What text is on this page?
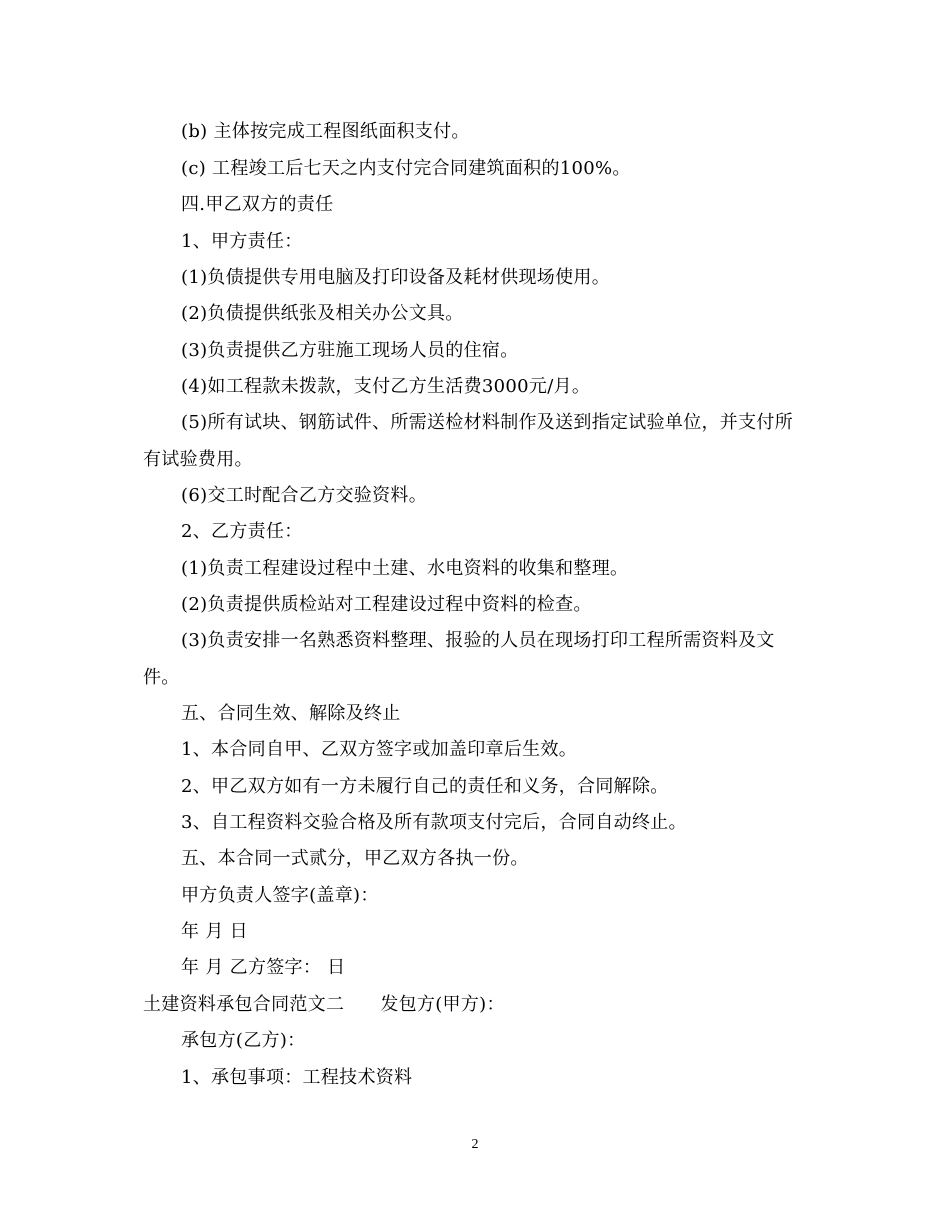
(b) 主体按完成工程图纸面积支付。
(c) 工程竣工后七天之内支付完合同建筑面积的100%。
四.甲乙双方的责任
1、甲方责任：
(1)负债提供专用电脑及打印设备及耗材供现场使用。
(2)负债提供纸张及相关办公文具。
(3)负责提供乙方驻施工现场人员的住宿。
(4)如工程款未拨款，支付乙方生活费3000元/月。
(5)所有试块、钢筋试件、所需送检材料制作及送到指定试验单位，并支付所
有试验费用。
(6)交工时配合乙方交验资料。
2、乙方责任：
(1)负责工程建设过程中土建、水电资料的收集和整理。
(2)负责提供质检站对工程建设过程中资料的检查。
(3)负责安排一名熟悉资料整理、报验的人员在现场打印工程所需资料及文
件。
五、合同生效、解除及终止
1、本合同自甲、乙双方签字或加盖印章后生效。
2、甲乙双方如有一方未履行自己的责任和义务，合同解除。
3、自工程资料交验合格及所有款项支付完后，合同自动终止。
五、本合同一式贰分，甲乙双方各执一份。
甲方负责人签字(盖章)：
年 月 日
年 月 乙方签字： 日
土建资料承包合同范文二 发包方(甲方)：
承包方(乙方)：
1、承包事项：工程技术资料
2
